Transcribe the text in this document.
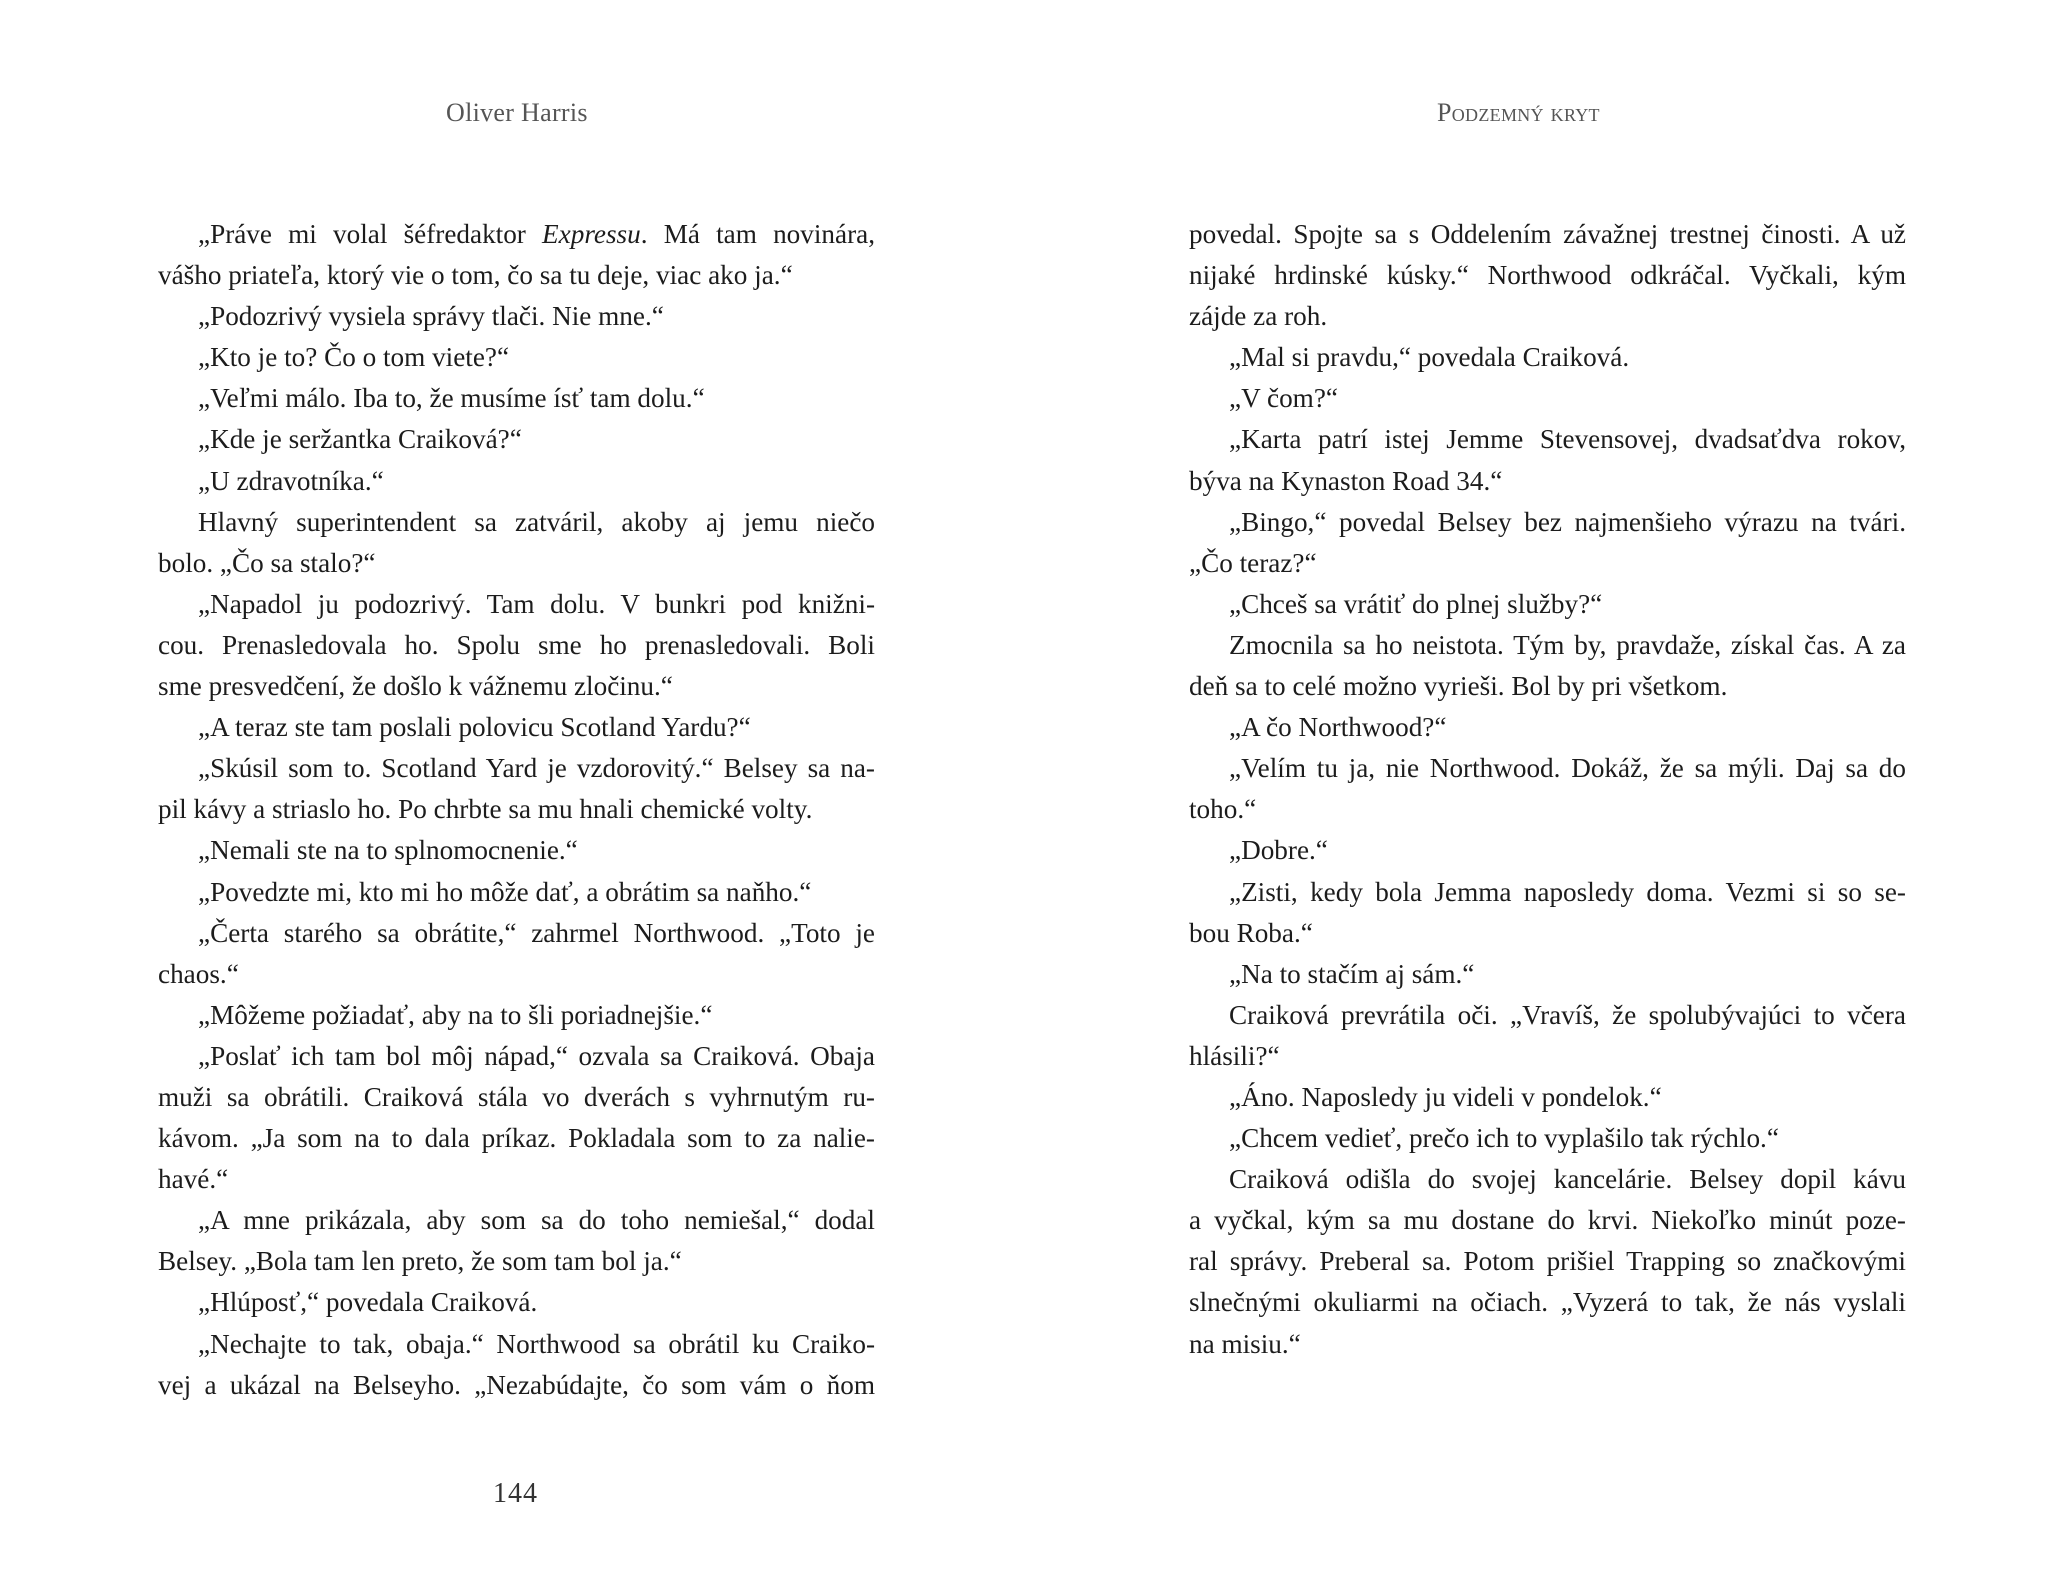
Oliver Harris	Podzemný kryt
„Práve mi volal šéfredaktor Expressu. Má tam novinára,
vášho priateľa, ktorý vie o tom, čo sa tu deje, viac ako ja.“
„Podozrivý vysiela správy tlači. Nie mne.“
„Kto je to? Čo o tom viete?“
„Veľmi málo. Iba to, že musíme ísť tam dolu.“
„Kde je seržantka Craiková?“
„U zdravotníka.“
Hlavný superintendent sa zatváril, akoby aj jemu niečo
bolo. „Čo sa stalo?“
„Napadol ju podozrivý. Tam dolu. V bunkri pod knižni-
cou. Prenasledovala ho. Spolu sme ho prenasledovali. Boli
sme presvedčení, že došlo k vážnemu zločinu.“
„A teraz ste tam poslali polovicu Scotland Yardu?“
„Skúsil som to. Scotland Yard je vzdorovitý.“ Belsey sa na-
pil kávy a striaslo ho. Po chrbte sa mu hnali chemické volty.
„Nemali ste na to splnomocnenie.“
„Povedzte mi, kto mi ho môže dať, a obrátim sa naňho.“
„Čerta starého sa obrátite,“ zahrmel Northwood. „Toto je
chaos.“
„Môžeme požiadať, aby na to šli poriadnejšie.“
„Poslať ich tam bol môj nápad,“ ozvala sa Craiková. Obaja
muži sa obrátili. Craiková stála vo dverách s vyhrnutým ru-
kávom. „Ja som na to dala príkaz. Pokladala som to za nalie-
havé.“
„A mne prikázala, aby som sa do toho nemiešal,“ dodal
Belsey. „Bola tam len preto, že som tam bol ja.“
„Hlúposť,“ povedala Craiková.
„Nechajte to tak, obaja.“ Northwood sa obrátil ku Craiko-
vej a ukázal na Belseyho. „Nezabúdajte, čo som vám o ňom
povedal. Spojte sa s Oddelením závažnej trestnej činosti. A už
nijaké hrdinské kúsky.“ Northwood odkráčal. Vyčkali, kým
zájde za roh.
„Mal si pravdu,“ povedala Craiková.
„V čom?“
„Karta patrí istej Jemme Stevensovej, dvadsaťdva rokov,
býva na Kynaston Road 34.“
„Bingo,“ povedal Belsey bez najmenšieho výrazu na tvári.
„Čo teraz?“
„Chceš sa vrátiť do plnej služby?“
Zmocnila sa ho neistota. Tým by, pravdaže, získal čas. A za
deň sa to celé možno vyrieši. Bol by pri všetkom.
„A čo Northwood?“
„Velím tu ja, nie Northwood. Dokáž, že sa mýli. Daj sa do
toho.“
„Dobre.“
„Zisti, kedy bola Jemma naposledy doma. Vezmi si so se-
bou Roba.“
„Na to stačím aj sám.“
Craiková prevrátila oči. „Vravíš, že spolubývajúci to včera
hlásili?“
„Áno. Naposledy ju videli v pondelok.“
„Chcem vedieť, prečo ich to vyplašilo tak rýchlo.“
Craiková odišla do svojej kancelárie. Belsey dopil kávu
a vyčkal, kým sa mu dostane do krvi. Niekoľko minút poze-
ral správy. Preberal sa. Potom prišiel Trapping so značkovými
slnečnými okuliarmi na očiach. „Vyzerá to tak, že nás vyslali
na misiu.“
144
